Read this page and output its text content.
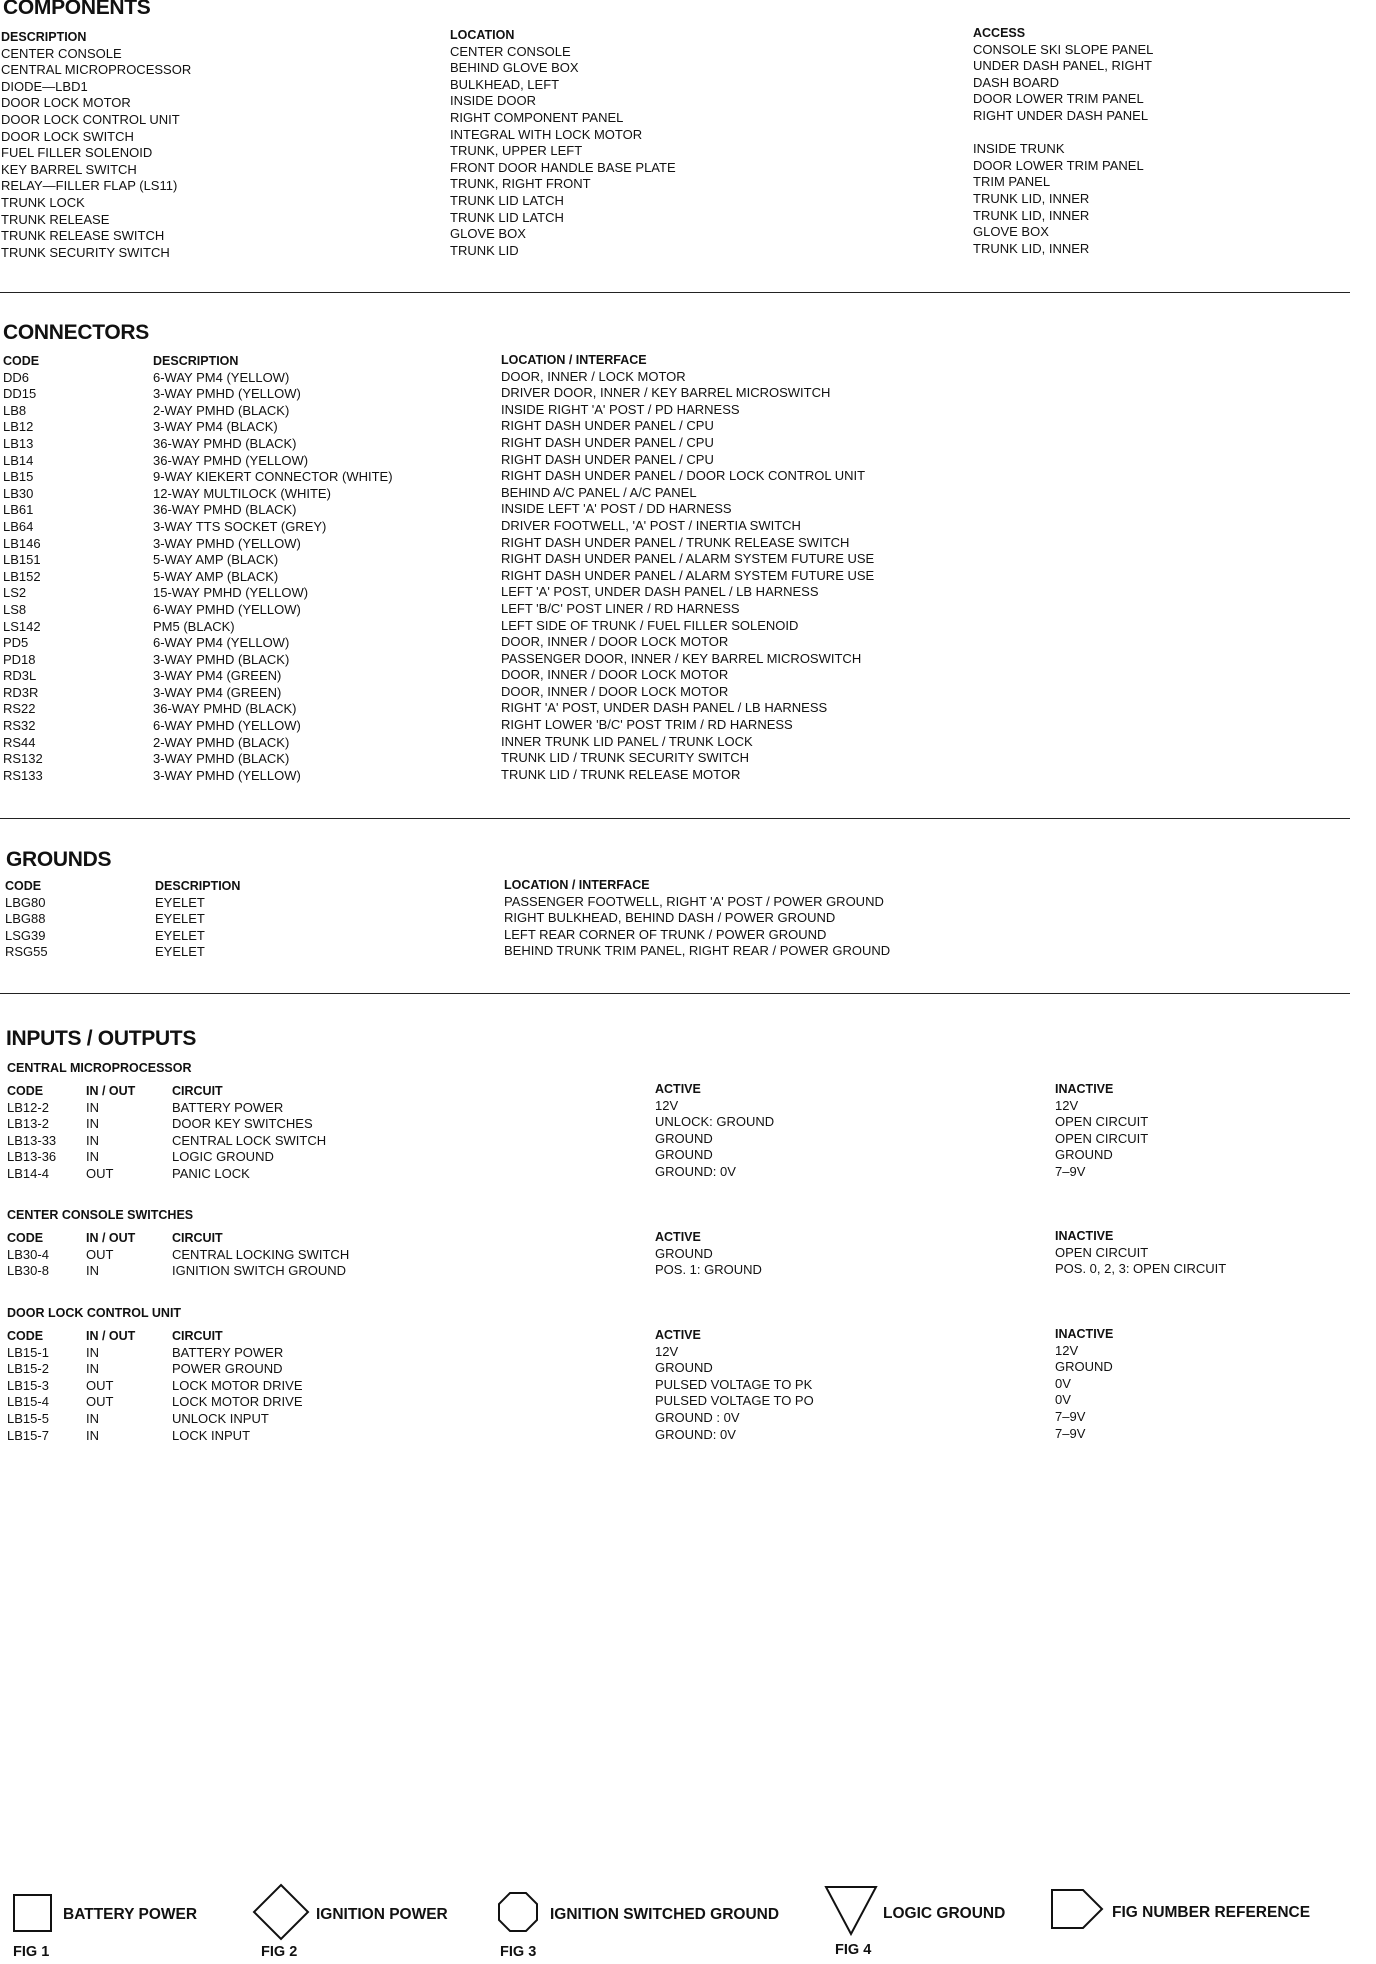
COMPONENTS
DESCRIPTION
CENTER CONSOLE
CENTRAL MICROPROCESSOR
DIODE—LBD1
DOOR LOCK MOTOR
DOOR LOCK CONTROL UNIT
DOOR LOCK SWITCH
FUEL FILLER SOLENOID
KEY BARREL SWITCH
RELAY—FILLER FLAP (LS11)
TRUNK LOCK
TRUNK RELEASE
TRUNK RELEASE SWITCH
TRUNK SECURITY SWITCH
LOCATION
CENTER CONSOLE
BEHIND GLOVE BOX
BULKHEAD, LEFT
INSIDE DOOR
RIGHT COMPONENT PANEL
INTEGRAL WITH LOCK MOTOR
TRUNK, UPPER LEFT
FRONT DOOR HANDLE BASE PLATE
TRUNK, RIGHT FRONT
TRUNK LID LATCH
TRUNK LID LATCH
GLOVE BOX
TRUNK LID
ACCESS
CONSOLE SKI SLOPE PANEL
UNDER DASH PANEL, RIGHT
DASH BOARD
DOOR LOWER TRIM PANEL
RIGHT UNDER DASH PANEL

INSIDE TRUNK
DOOR LOWER TRIM PANEL
TRIM PANEL
TRUNK LID, INNER
TRUNK LID, INNER
GLOVE BOX
TRUNK LID, INNER
CONNECTORS
CODE
DD6
DD15
LB8
LB12
LB13
LB14
LB15
LB30
LB61
LB64
LB146
LB151
LB152
LS2
LS8
LS142
PD5
PD18
RD3L
RD3R
RS22
RS32
RS44
RS132
RS133
DESCRIPTION
6-WAY PM4 (YELLOW)
3-WAY PMHD (YELLOW)
2-WAY PMHD (BLACK)
3-WAY PM4 (BLACK)
36-WAY PMHD (BLACK)
36-WAY PMHD (YELLOW)
9-WAY KIEKERT CONNECTOR (WHITE)
12-WAY MULTILOCK (WHITE)
36-WAY PMHD (BLACK)
3-WAY TTS SOCKET (GREY)
3-WAY PMHD (YELLOW)
5-WAY AMP (BLACK)
5-WAY AMP (BLACK)
15-WAY PMHD (YELLOW)
6-WAY PMHD (YELLOW)
PM5 (BLACK)
6-WAY PM4 (YELLOW)
3-WAY PMHD (BLACK)
3-WAY PM4 (GREEN)
3-WAY PM4 (GREEN)
36-WAY PMHD (BLACK)
6-WAY PMHD (YELLOW)
2-WAY PMHD (BLACK)
3-WAY PMHD (BLACK)
3-WAY PMHD (YELLOW)
LOCATION / INTERFACE
DOOR, INNER / LOCK MOTOR
DRIVER DOOR, INNER / KEY BARREL MICROSWITCH
INSIDE RIGHT 'A' POST / PD HARNESS
RIGHT DASH UNDER PANEL / CPU
RIGHT DASH UNDER PANEL / CPU
RIGHT DASH UNDER PANEL / CPU
RIGHT DASH UNDER PANEL / DOOR LOCK CONTROL UNIT
BEHIND A/C PANEL / A/C PANEL
INSIDE LEFT 'A' POST / DD HARNESS
DRIVER FOOTWELL, 'A' POST / INERTIA SWITCH
RIGHT DASH UNDER PANEL / TRUNK RELEASE SWITCH
RIGHT DASH UNDER PANEL / ALARM SYSTEM FUTURE USE
RIGHT DASH UNDER PANEL / ALARM SYSTEM FUTURE USE
LEFT 'A' POST, UNDER DASH PANEL / LB HARNESS
LEFT 'B/C' POST LINER / RD HARNESS
LEFT SIDE OF TRUNK / FUEL FILLER SOLENOID
DOOR, INNER / DOOR LOCK MOTOR
PASSENGER DOOR, INNER / KEY BARREL MICROSWITCH
DOOR, INNER / DOOR LOCK MOTOR
DOOR, INNER / DOOR LOCK MOTOR
RIGHT 'A' POST, UNDER DASH PANEL / LB HARNESS
RIGHT LOWER 'B/C' POST TRIM / RD HARNESS
INNER TRUNK LID PANEL / TRUNK LOCK
TRUNK LID / TRUNK SECURITY SWITCH
TRUNK LID / TRUNK RELEASE MOTOR
GROUNDS
CODE
LBG80
LBG88
LSG39
RSG55
DESCRIPTION
EYELET
EYELET
EYELET
EYELET
LOCATION / INTERFACE
PASSENGER FOOTWELL, RIGHT 'A' POST / POWER GROUND
RIGHT BULKHEAD, BEHIND DASH / POWER GROUND
LEFT REAR CORNER OF TRUNK / POWER GROUND
BEHIND TRUNK TRIM PANEL, RIGHT REAR / POWER GROUND
INPUTS / OUTPUTS
CENTRAL MICROPROCESSOR
CODE
LB12-2
LB13-2
LB13-33
LB13-36
LB14-4
IN / OUT
IN
IN
IN
IN
OUT
CIRCUIT
BATTERY POWER
DOOR KEY SWITCHES
CENTRAL LOCK SWITCH
LOGIC GROUND
PANIC LOCK
ACTIVE
12V
UNLOCK: GROUND
GROUND
GROUND
GROUND: 0V
INACTIVE
12V
OPEN CIRCUIT
OPEN CIRCUIT
GROUND
7–9V
CENTER CONSOLE SWITCHES
CODE
LB30-4
LB30-8
IN / OUT
OUT
IN
CIRCUIT
CENTRAL LOCKING SWITCH
IGNITION SWITCH GROUND
ACTIVE
GROUND
POS. 1: GROUND
INACTIVE
OPEN CIRCUIT
POS. 0, 2, 3: OPEN CIRCUIT
DOOR LOCK CONTROL UNIT
CODE
LB15-1
LB15-2
LB15-3
LB15-4
LB15-5
LB15-7
IN / OUT
IN
IN
OUT
OUT
IN
IN
CIRCUIT
BATTERY POWER
POWER GROUND
LOCK MOTOR DRIVE
LOCK MOTOR DRIVE
UNLOCK INPUT
LOCK INPUT
ACTIVE
12V
GROUND
PULSED VOLTAGE TO PK
PULSED VOLTAGE TO PO
GROUND : 0V
GROUND: 0V
INACTIVE
12V
GROUND
0V
0V
7–9V
7–9V
BATTERY POWER
FIG 1
IGNITION POWER
FIG 2
IGNITION SWITCHED GROUND
FIG 3
LOGIC GROUND
FIG 4
FIG NUMBER REFERENCE
